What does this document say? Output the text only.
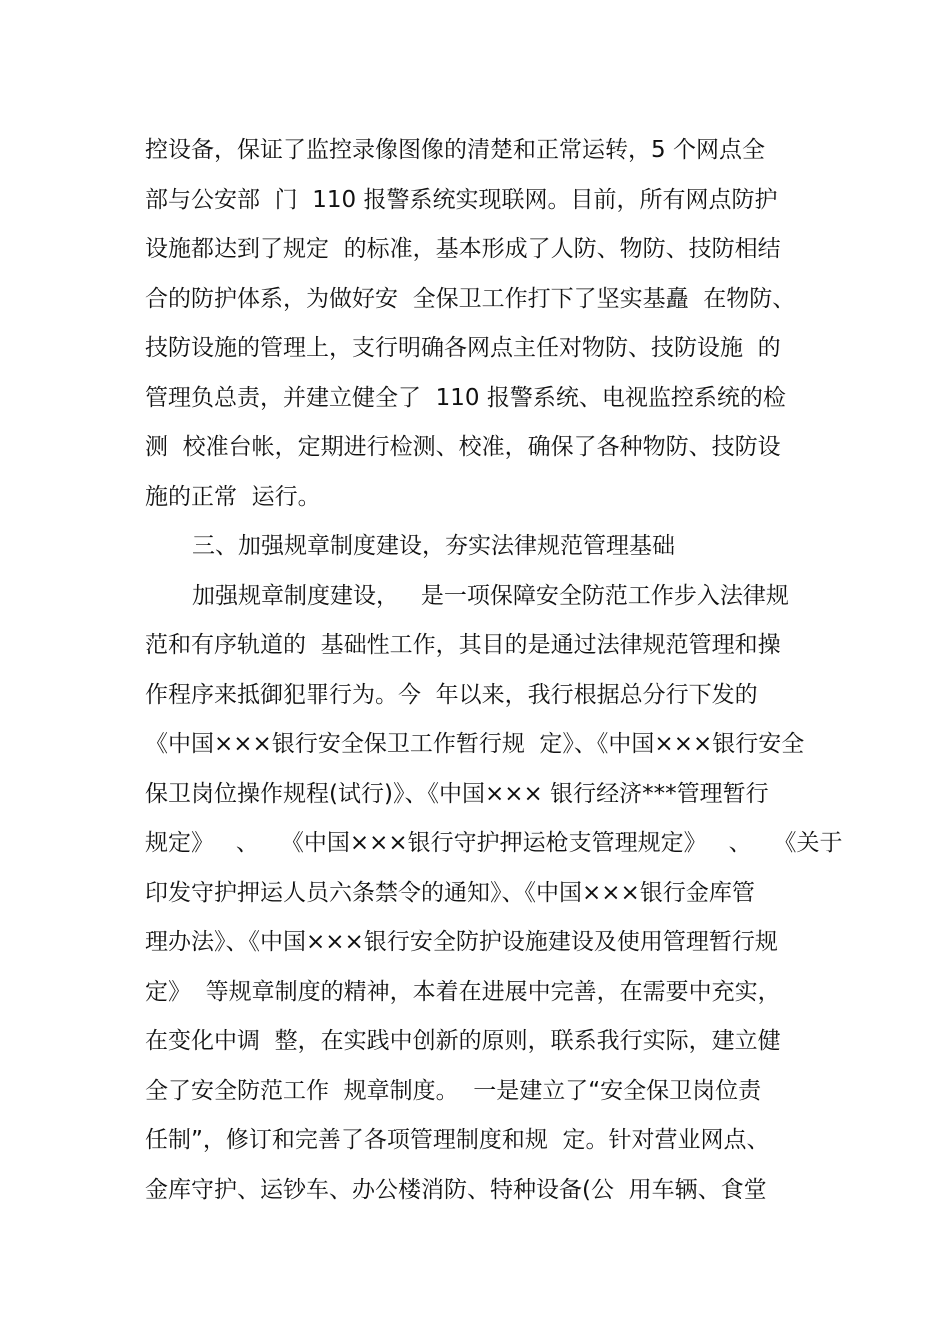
控设备，保证了监控录像图像的清楚和正常运转，5 个网点全
部与公安部  门  110 报警系统实现联网。目前，所有网点防护
设施都达到了规定  的标准，基本形成了人防、物防、技防相结
合的防护体系，为做好安  全保卫工作打下了坚实基矗  在物防、
技防设施的管理上，支行明确各网点主任对物防、技防设施  的
管理负总责，并建立健全了  110 报警系统、电视监控系统的检
测  校准台帐，定期进行检测、校准，确保了各种物防、技防设
施的正常  运行。
三、加强规章制度建设，夯实法律规范管理基础
加强规章制度建设，   是一项保障安全防范工作步入法律规
范和有序轨道的  基础性工作，其目的是通过法律规范管理和操
作程序来抵御犯罪行为。今  年以来，我行根据总分行下发的
《中国×××银行安全保卫工作暂行规  定》、《中国×××银行安全
保卫岗位操作规程(试行)》、《中国××× 银行经济***管理暂行
规定》   、   《中国×××银行守护押运枪支管理规定》   、   《关于
印发守护押运人员六条禁令的通知》、《中国×××银行金库管
理办法》、《中国×××银行安全防护设施建设及使用管理暂行规
定》  等规章制度的精神，本着在进展中完善，在需要中充实，
在变化中调  整，在实践中创新的原则，联系我行实际，建立健
全了安全防范工作  规章制度。  一是建立了“安全保卫岗位责
任制”，修订和完善了各项管理制度和规  定。针对营业网点、
金库守护、运钞车、办公楼消防、特种设备(公  用车辆、食堂
